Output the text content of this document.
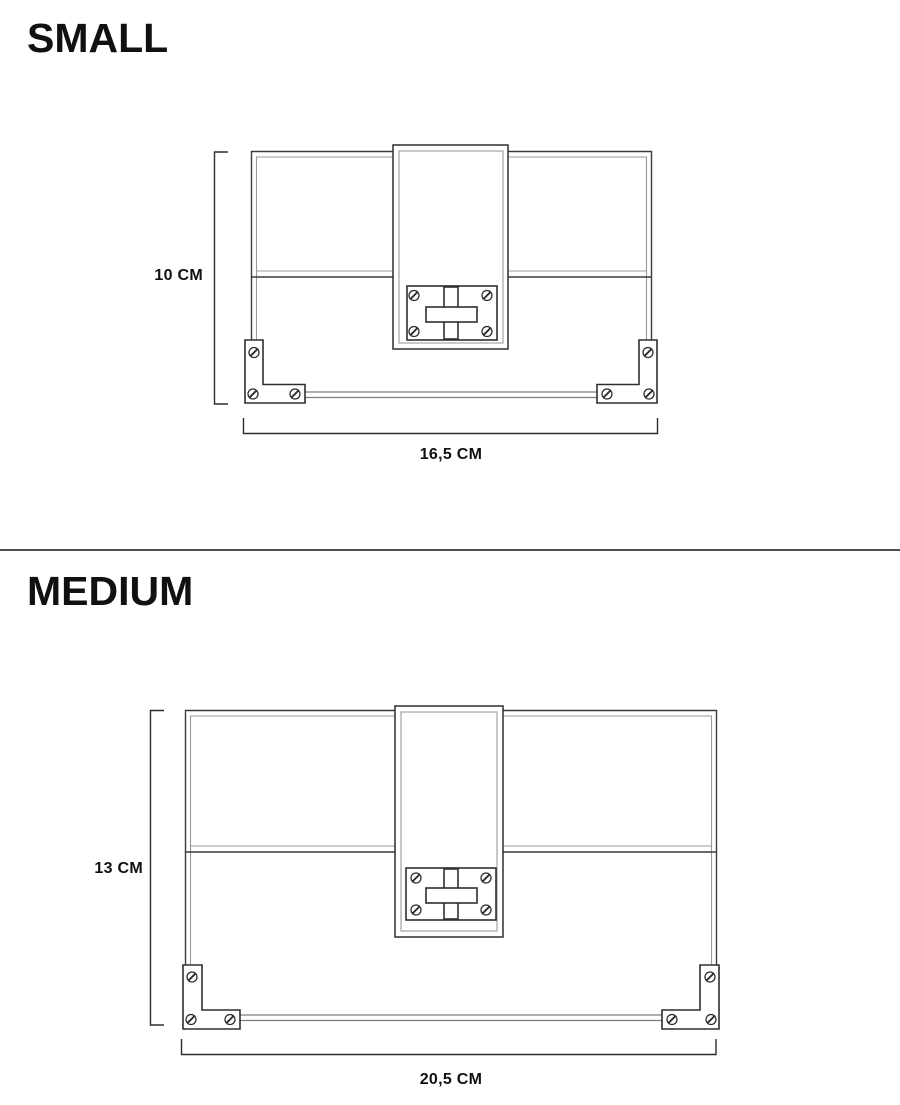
SMALL
10 CM
16,5 CM
MEDIUM
13 CM
20,5 CM
